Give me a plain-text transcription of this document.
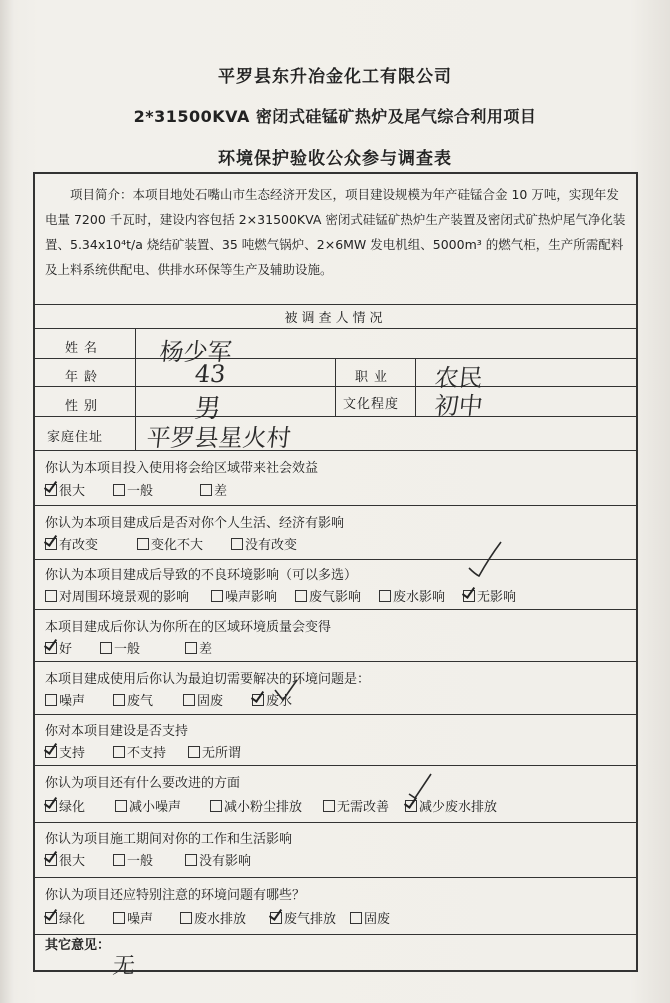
平罗县东升冶金化工有限公司
2*31500KVA 密闭式硅锰矿热炉及尾气综合利用项目
环境保护验收公众参与调查表
项目简介：本项目地处石嘴山市生态经济开发区，项目建设规模为年产硅锰合金 10 万吨，实现年发电量 7200 千瓦时，建设内容包括 2×31500KVA 密闭式硅锰矿热炉生产装置及密闭式矿热炉尾气净化装置、5.34x10⁴t/a 烧结矿装置、35 吨燃气锅炉、2×6MW 发电机组、5000m³ 的燃气柜，生产所需配料及上料系统供配电、供排水环保等生产及辅助设施。
被调查人情况
姓名 杨少军
年龄	43	职业 农民
性别	男	文化程度 初中
家庭住址 平罗县星火村
你认为本项目投入使用将会给区域带来社会效益
很大	一般	差
你认为本项目建成后是否对你个人生活、经济有影响
有改变	变化不大	没有改变
你认为本项目建成后导致的不良环境影响（可以多选）
对周围环境景观的影响	噪声影响	废气影响	废水影响	无影响
本项目建成后你认为你所在的区域环境质量会变得
好	一般	差
本项目建成使用后你认为最迫切需要解决的环境问题是：
噪声	废气	固废	废水
你对本项目建设是否支持
支持	不支持	无所谓
你认为项目还有什么要改进的方面
绿化	减小噪声	减小粉尘排放	无需改善	减少废水排放
你认为项目施工期间对你的工作和生活影响
很大	一般	没有影响
你认为项目还应特别注意的环境问题有哪些？
绿化	噪声	废水排放	废气排放	固废
其它意见：
无
